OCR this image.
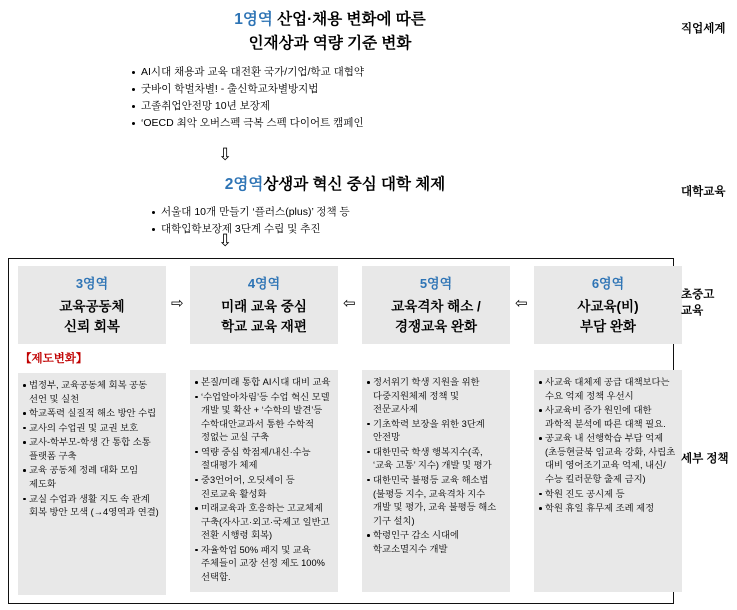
1영역 산업·채용 변화에 따른
인재상과 역량 기준 변화
AI시대 채용과 교육 대전환 국가/기업/학교 대협약
굿바이 학벌차별! - 출신학교차별방지법
고졸취업안전망 10년 보장제
‘OECD 최악 오버스펙 극복 스펙 다이어트 캠페인
⇩
2영역상생과 혁신 중심 대학 체제
서울대 10개 만들기 ‘플러스(plus)’ 정책 등
대학입학보장제 3단계 수립 및 추진
⇩
3영역
교육공동체
신뢰 회복
【제도변화】
법정부, 교육공동체 회복 공동 선언 및 실천
학교폭력 실질적 해소 방안 수립
교사의 수업권 및 교권 보호
교사-학부모-학생 간 통합 소통 플랫폼 구축
교육 공동체 정례 대화 모임 제도화
교실 수업과 생활 지도 속 관계 회복 방안 모색 (→4영역과 연결)
⇨
4영역
미래 교육 중심
학교 교육 재편
본질/미래 통합 AI시대 대비 교육
‘수업알아차림’등 수업 혁신 모델 개발 및 확산 + ‘수학의 발견’등 수학대안교과서 통한 수학적 정없는 교실 구축
역량 중심 학점제/내신·수능 절대평가 체제
중3언어어, 오딧세이 등 진로교육 활성화
미래교육과 호응하는 고교체제 구축(자사고·외고·국제고 일반고 전환 시행령 회복)
자율학업 50% 패지 및 교육 주체들이 교장 선정 제도 100% 선택함.
⇦
5영역
교육격차 해소 /
경쟁교육 완화
정서위기 학생 지원을 위한 다중지원체제 정책 및 전문교사제
기초학력 보장을 위한 3단계 안전망
대한민국 학생 행복지수(족, ‘교육 고통’ 지수) 개발 및 평가
대한민국 불평등 교육 해소법(불평등 지수, 교육격차 지수 개발 및 평가, 교육 불평등 해소 기구 설치)
학령인구 감소 시대에 학교소멸지수 개발
⇦
6영역
사교육(비)
부담 완화
사교육 대체제 공급 대책보다는 수요 억제 정책 우선시
사교육비 증가 원인에 대한 과학적 분석에 따른 대책 필요.
공교육 내 선행학습 부담 억제(초등현글북 임교육 강화, 사립초 대비 영어조기교육 억제, 내신/수능 킬러문항 출제 금지)
학원 진도 공시제 등
학원 휴일 휴무제 조례 제정
직업세계
대학교육
초중고
교육
세부 정책
